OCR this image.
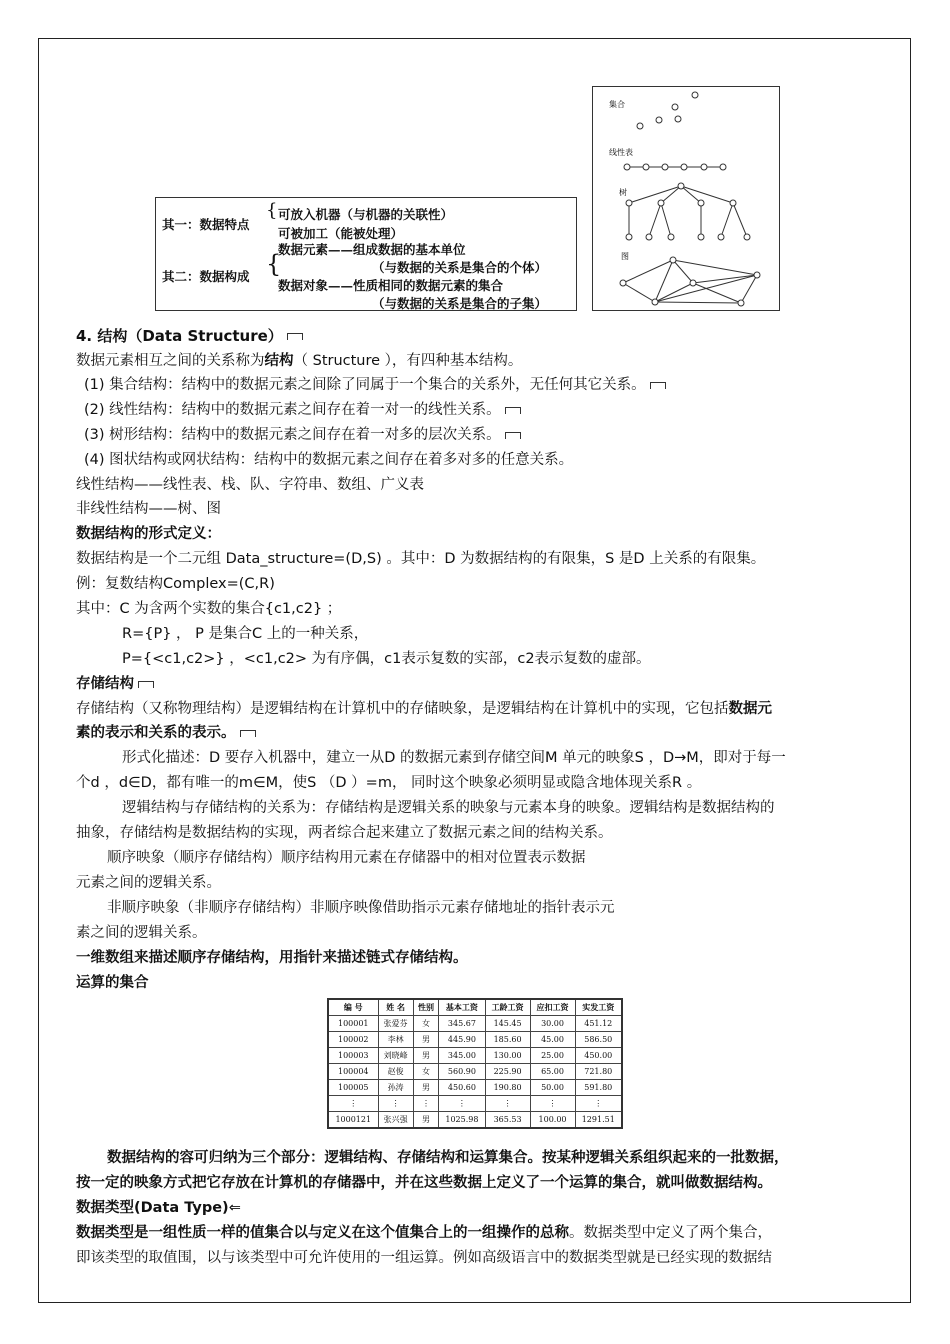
其一：数据特点
{ 可放入机器（与机器的关联性）
可被加工（能被处理）
其二：数据构成 {
数据元素——组成数据的基本单位
（与数据的关系是集合的个体）
数据对象——性质相同的数据元素的集合
（与数据的关系是集合的子集）
集合
线性表
树
图
4. 结构（Data Structure）
数据元素相互之间的关系称为结构（ Structure ），有四种基本结构。
(1) 集合结构：结构中的数据元素之间除了同属于一个集合的关系外，无任何其它关系。
(2) 线性结构：结构中的数据元素之间存在着一对一的线性关系。
(3) 树形结构：结构中的数据元素之间存在着一对多的层次关系。
(4) 图状结构或网状结构：结构中的数据元素之间存在着多对多的任意关系。
线性结构——线性表、栈、队、字符串、数组、广义表
非线性结构——树、图
数据结构的形式定义：
数据结构是一个二元组 Data_structure=(D,S) 。其中：D 为数据结构的有限集，S 是D 上关系的有限集。
例：复数结构Complex=(C,R)
其中：C 为含两个实数的集合{c1,c2} ；
R={P} ， P 是集合C 上的一种关系，
P={<c1,c2>} ，<c1,c2> 为有序偶，c1表示复数的实部，c2表示复数的虚部。
存储结构
存储结构（又称物理结构）是逻辑结构在计算机中的存储映象，是逻辑结构在计算机中的实现，它包括数据元
素的表示和关系的表示。
形式化描述：D 要存入机器中，建立一从D 的数据元素到存储空间M 单元的映象S ，D→M，即对于每一
个d ，d∈D，都有唯一的m∈M，使S （D ）=m， 同时这个映象必须明显或隐含地体现关系R 。
逻辑结构与存储结构的关系为：存储结构是逻辑关系的映象与元素本身的映象。逻辑结构是数据结构的
抽象，存储结构是数据结构的实现，两者综合起来建立了数据元素之间的结构关系。
顺序映象（顺序存储结构）顺序结构用元素在存储器中的相对位置表示数据
元素之间的逻辑关系。
非顺序映象（非顺序存储结构）非顺序映像借助指示元素存储地址的指针表示元
素之间的逻辑关系。
一维数组来描述顺序存储结构，用指针来描述链式存储结构。
运算的集合
编 号	姓 名	性别	基本工资	工龄工资	应扣工资	实发工资
100001	张爱芬	女	345.67	145.45	30.00	451.12
100002	李林	男	445.90	185.60	45.00	586.50
100003	刘晓峰	男	345.00	130.00	25.00	450.00
100004	赵俊	女	560.90	225.90	65.00	721.80
100005	孙涛	男	450.60	190.80	50.00	591.80
⋮	⋮	⋮	⋮	⋮	⋮	⋮
1000121	张兴强	男	1025.98	365.53	100.00	1291.51
数据结构的容可归纳为三个部分：逻辑结构、存储结构和运算集合。按某种逻辑关系组织起来的一批数据，
按一定的映象方式把它存放在计算机的存储器中，并在这些数据上定义了一个运算的集合，就叫做数据结构。
数据类型(Data Type)⇐
数据类型是一组性质一样的值集合以与定义在这个值集合上的一组操作的总称。数据类型中定义了两个集合，
即该类型的取值围，以与该类型中可允许使用的一组运算。例如高级语言中的数据类型就是已经实现的数据结
